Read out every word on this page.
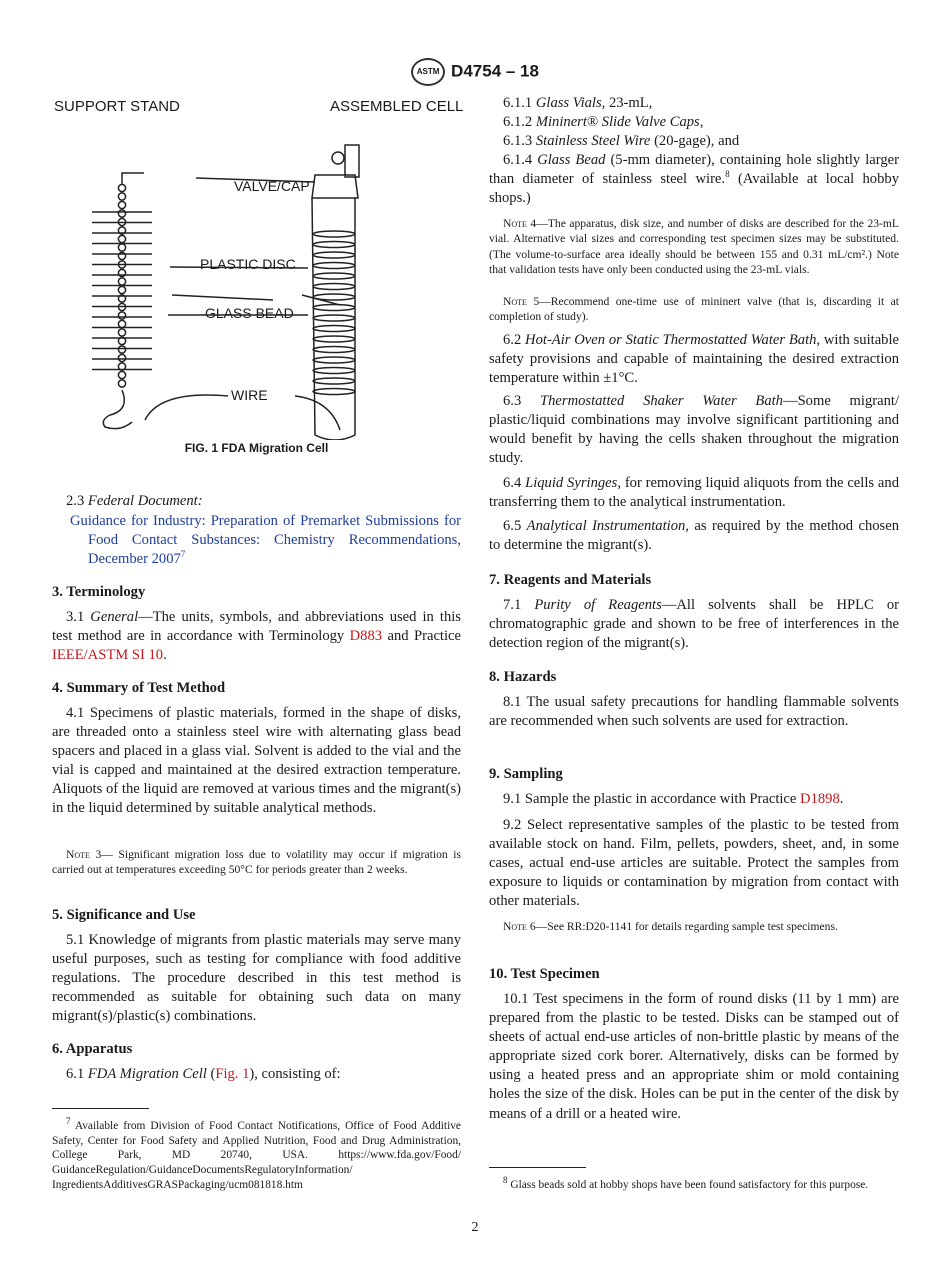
ASTM D4754 – 18
SUPPORT STAND	ASSEMBLED CELL
VALVE/CAP
PLASTIC DISC
GLASS BEAD
WIRE
FIG. 1 FDA Migration Cell
2.3 Federal Document:
Guidance for Industry: Preparation of Premarket Submissions for Food Contact Substances: Chemistry Recommendations, December 2007$^7$
3. Terminology
3.1 General—The units, symbols, and abbreviations used in this test method are in accordance with Terminology D883 and Practice IEEE/ASTM SI 10.
4. Summary of Test Method
4.1 Specimens of plastic materials, formed in the shape of disks, are threaded onto a stainless steel wire with alternating glass bead spacers and placed in a glass vial. Solvent is added to the vial and the vial is capped and maintained at the desired extraction temperature. Aliquots of the liquid are removed at various times and the migrant(s) in the liquid determined by suitable analytical methods.
Note 3— Significant migration loss due to volatility may occur if migration is carried out at temperatures exceeding 50°C for periods greater than 2 weeks.
5. Significance and Use
5.1 Knowledge of migrants from plastic materials may serve many useful purposes, such as testing for compliance with food additive regulations. The procedure described in this test method is recommended as suitable for obtaining such data on many migrant(s)/plastic(s) combinations.
6. Apparatus
6.1 FDA Migration Cell (Fig. 1), consisting of:
$^7$ Available from Division of Food Contact Notifications, Office of Food Additive Safety, Center for Food Safety and Applied Nutrition, Food and Drug Administration, College Park, MD 20740, USA. https://www.fda.gov/Food/ GuidanceRegulation/GuidanceDocumentsRegulatoryInformation/ IngredientsAdditivesGRASPackaging/ucm081818.htm
6.1.1 Glass Vials, 23-mL,
6.1.2 Mininert® Slide Valve Caps,
6.1.3 Stainless Steel Wire (20-gage), and
6.1.4 Glass Bead (5-mm diameter), containing hole slightly larger than diameter of stainless steel wire.$^8$ (Available at local hobby shops.)
Note 4—The apparatus, disk size, and number of disks are described for the 23-mL vial. Alternative vial sizes and corresponding test specimen sizes may be substituted. (The volume-to-surface area ideally should be between 155 and 0.31 mL/cm².) Note that validation tests have only been conducted using the 23-mL vials.
Note 5—Recommend one-time use of mininert valve (that is, discarding it at completion of study).
6.2 Hot-Air Oven or Static Thermostatted Water Bath, with suitable safety provisions and capable of maintaining the desired extraction temperature within ±1°C.
6.3 Thermostatted Shaker Water Bath—Some migrant/ plastic/liquid combinations may involve significant partitioning and would benefit by having the cells shaken throughout the migration study.
6.4 Liquid Syringes, for removing liquid aliquots from the cells and transferring them to the analytical instrumentation.
6.5 Analytical Instrumentation, as required by the method chosen to determine the migrant(s).
7. Reagents and Materials
7.1 Purity of Reagents—All solvents shall be HPLC or chromatographic grade and shown to be free of interferences in the detection region of the migrant(s).
8. Hazards
8.1 The usual safety precautions for handling flammable solvents are recommended when such solvents are used for extraction.
9. Sampling
9.1 Sample the plastic in accordance with Practice D1898.
9.2 Select representative samples of the plastic to be tested from available stock on hand. Film, pellets, powders, sheet, and, in some cases, actual end-use articles are suitable. Protect the samples from exposure to liquids or contamination by migration from contact with other materials.
Note 6—See RR:D20-1141 for details regarding sample test specimens.
10. Test Specimen
10.1 Test specimens in the form of round disks (11 by 1 mm) are prepared from the plastic to be tested. Disks can be stamped out of sheets of actual end-use articles of non-brittle plastic by means of the appropriate sized cork borer. Alternatively, disks can be formed by using a heated press and an appropriate shim or mold containing holes the size of the disk. Holes can be put in the center of the disk by means of a drill or a heated wire.
$^8$ Glass beads sold at hobby shops have been found satisfactory for this purpose.
2
